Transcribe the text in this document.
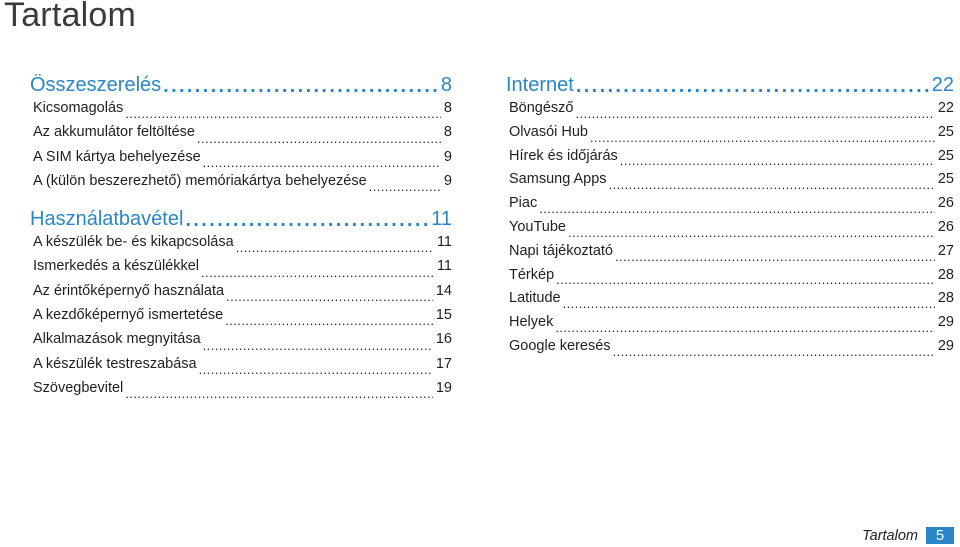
Tartalom
Összeszerelés . . .	8
Kicsomagolás . . .	8
Az akkumulátor feltöltése . . .	8
A SIM kártya behelyezése . . .	9
A (külön beszerezhető) memóriakártya behelyezése . . .	9
Használatbavétel . . .	11
A készülék be- és kikapcsolása . . .	11
Ismerkedés a készülékkel . . .	11
Az érintőképernyő használata . . .	14
A kezdőképernyő ismertetése . . .	15
Alkalmazások megnyitása . . .	16
A készülék testreszabása . . .	17
Szövegbevitel . . .	19
Internet . . .	22
Böngésző . . .	22
Olvasói Hub . . .	25
Hírek és időjárás . . .	25
Samsung Apps . . .	25
Piac . . .	26
YouTube . . .	26
Napi tájékoztató . . .	27
Térkép . . .	28
Latitude . . .	28
Helyek . . .	29
Google keresés . . .	29
Tartalom	5
